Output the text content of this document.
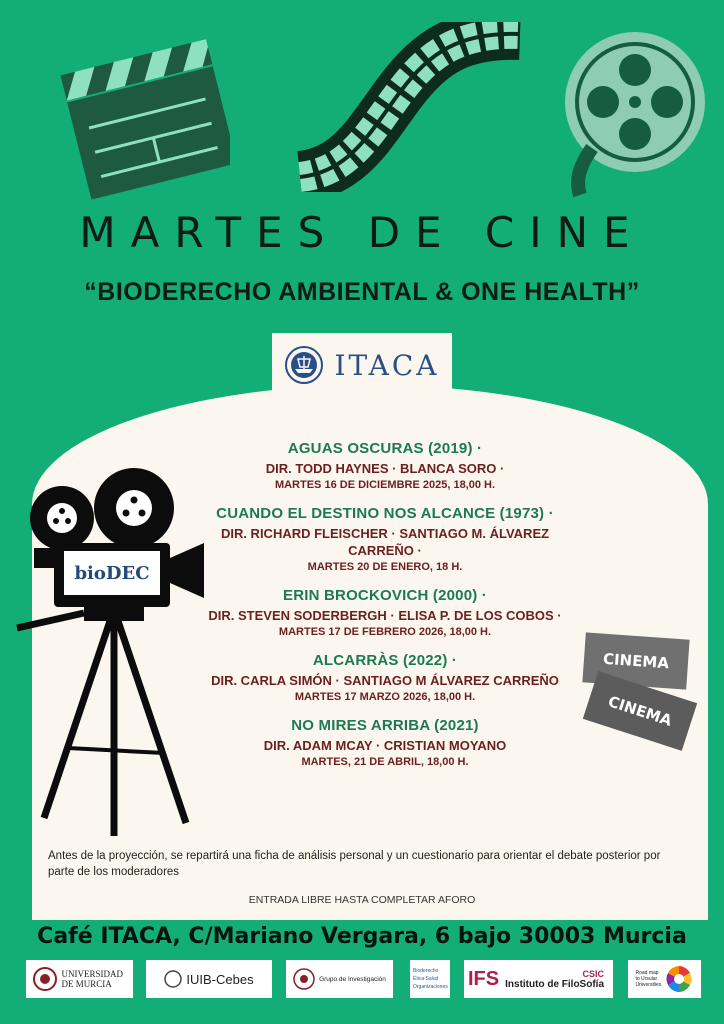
MARTES DE CINE
“BIODERECHO AMBIENTAL & ONE HEALTH”
ITACA
bioDEC
CINEMA
CINEMA
AGUAS OSCURAS (2019) ·
DIR. TODD HAYNES · BLANCA SORO ·
MARTES 16 DE DICIEMBRE 2025, 18,00 H.
CUANDO EL DESTINO NOS ALCANCE (1973) ·
DIR. RICHARD FLEISCHER · SANTIAGO M. ÁLVAREZ CARREÑO ·
MARTES 20 DE ENERO, 18 H.
ERIN BROCKOVICH (2000) ·
DIR. STEVEN SODERBERGH · ELISA P. DE LOS COBOS ·
MARTES 17 DE FEBRERO 2026, 18,00 H.
ALCARRÀS (2022) ·
DIR. CARLA SIMÓN · SANTIAGO M ÁLVAREZ CARREÑO
MARTES 17 MARZO 2026, 18,00 H.
NO MIRES ARRIBA (2021)
DIR. ADAM MCAY · CRISTIAN MOYANO
MARTES, 21 DE ABRIL, 18,00 H.
Antes de la proyección, se repartirá una ficha de análisis personal y un cuestionario para orientar el debate posterior por parte de los moderadores
ENTRADA LIBRE HASTA COMPLETAR AFORO
Café ITACA, C/Mariano Vergara, 6 bajo 30003 Murcia
UNIVERSIDAD DE MURCIA	IUIB-Cebes	Grupo de Investigación
Bioderecho Ética Salud Organizaciones IFS	CSIC
Instituto de FiloSofía
Road map to Ursular Universities
